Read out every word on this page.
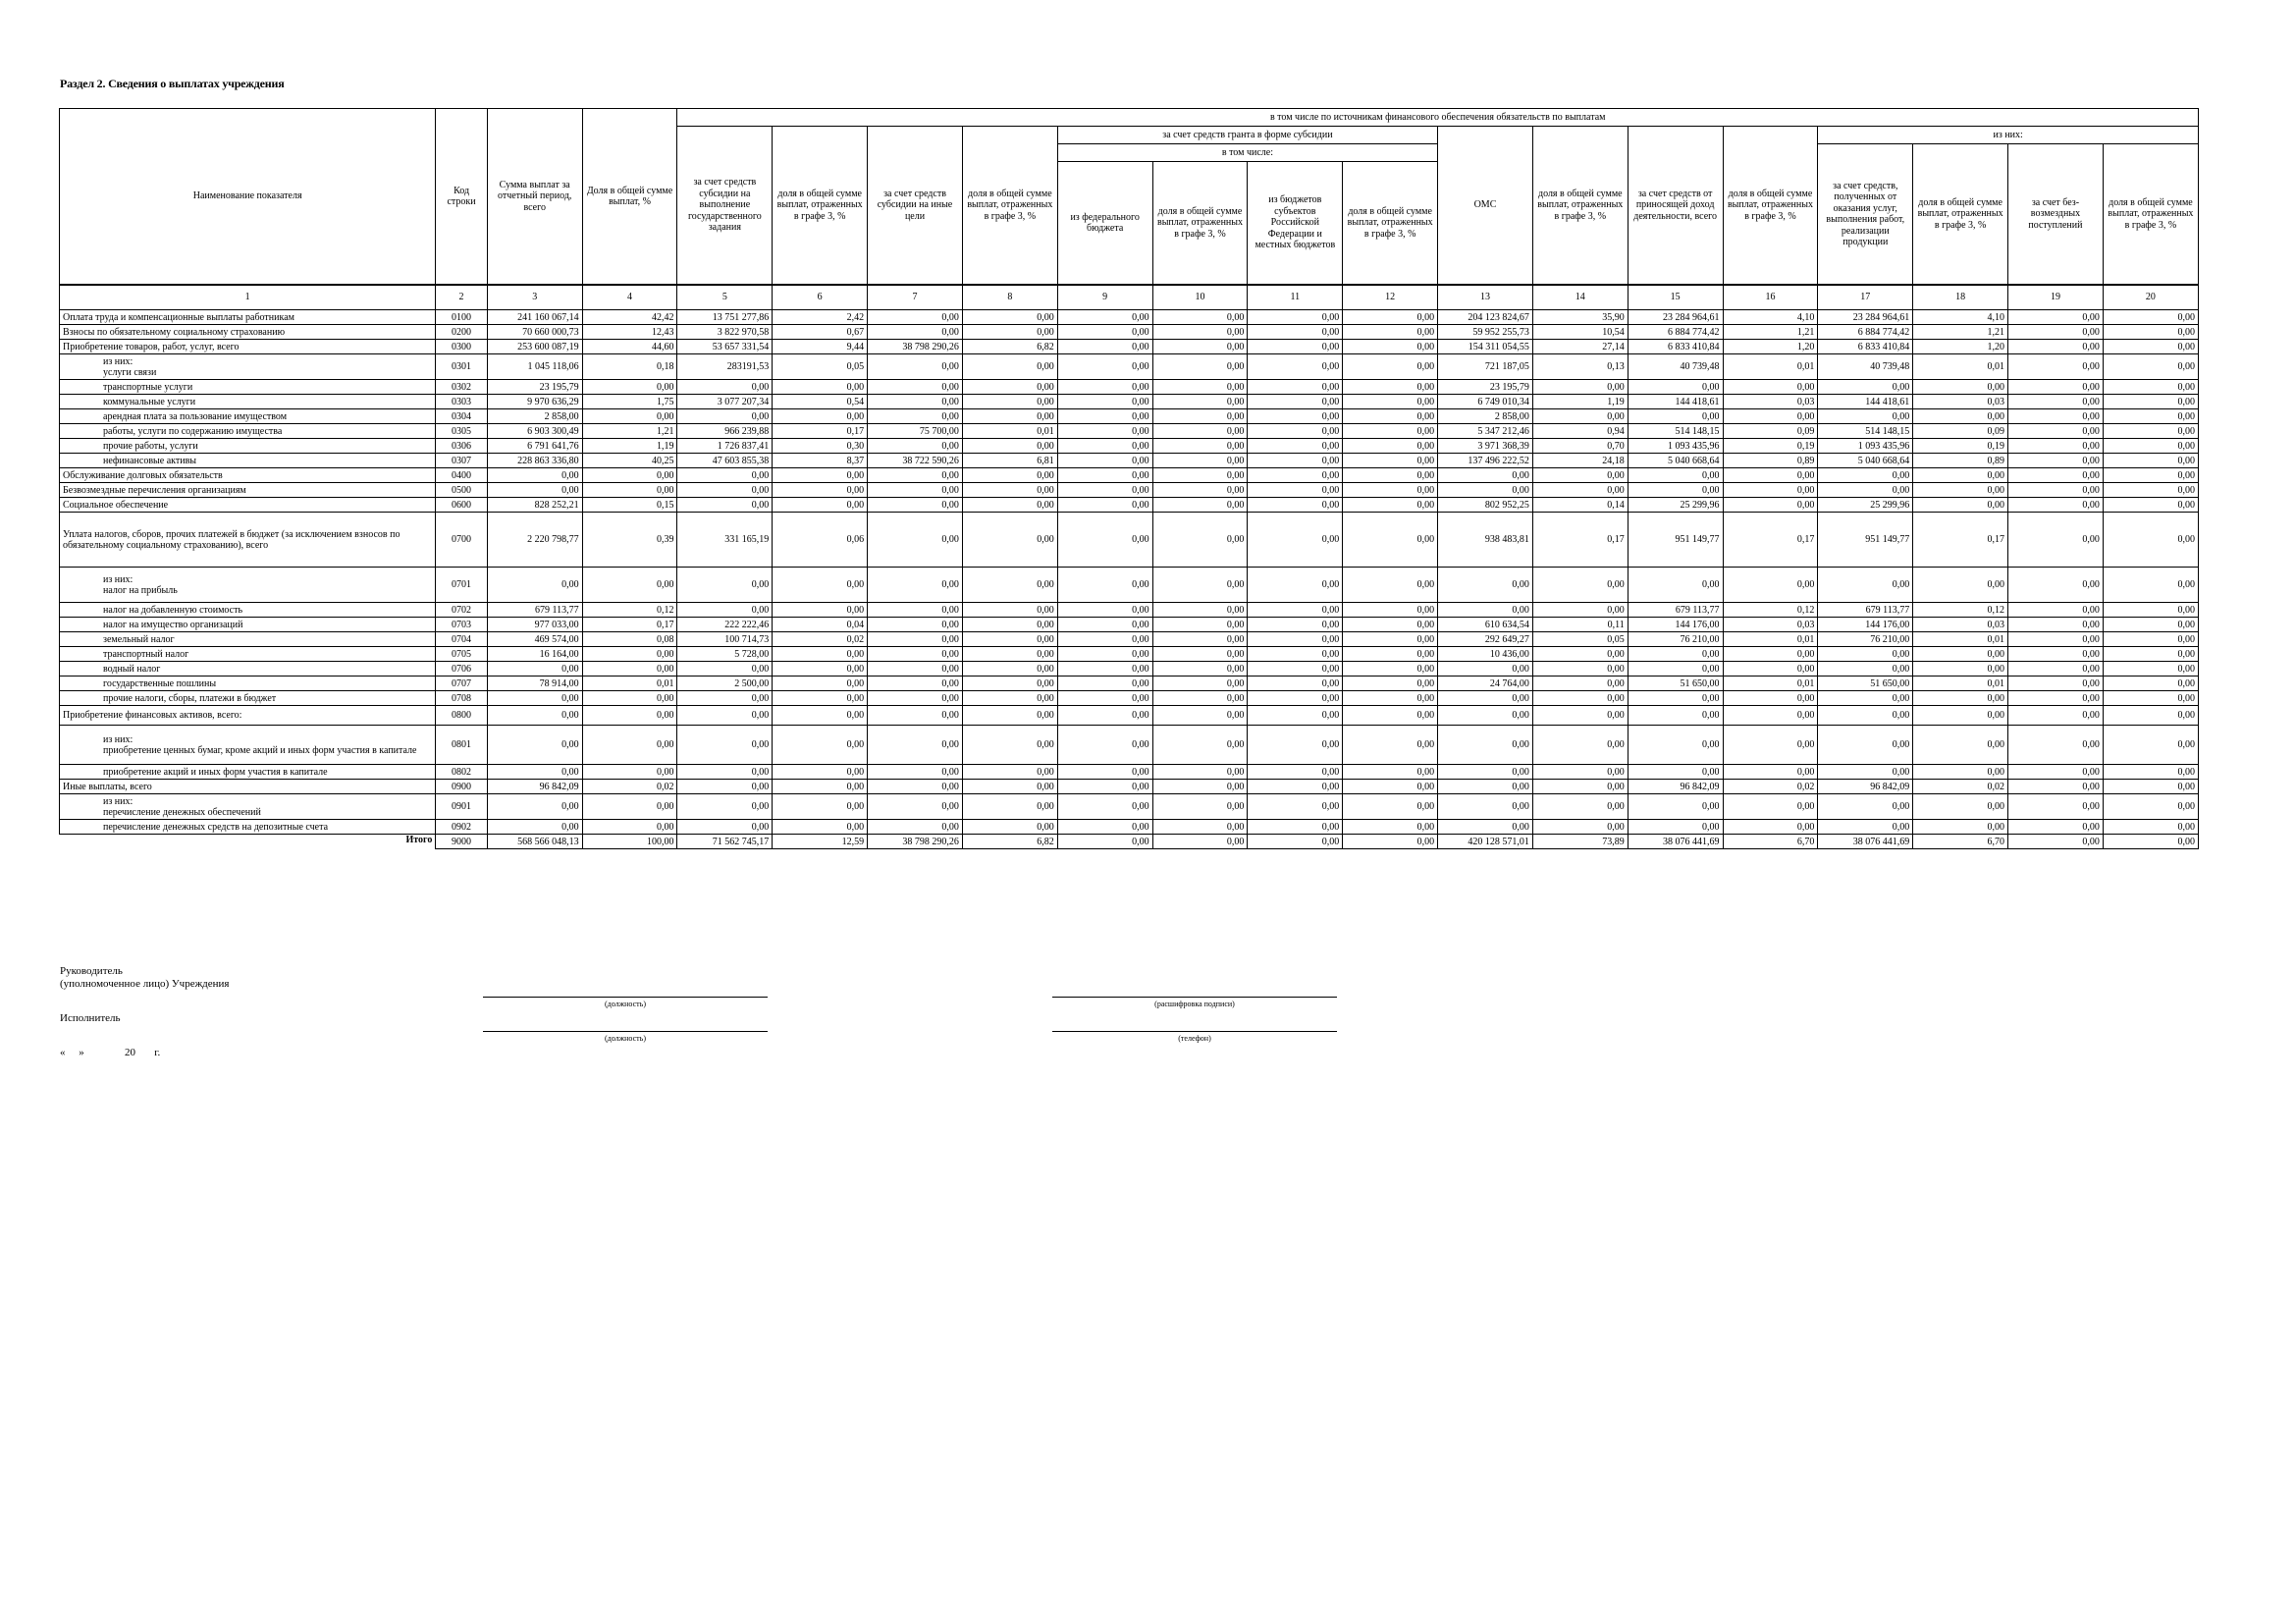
Раздел 2. Сведения о выплатах учреждения
Наименование показателя	Код строки	Сумма выплат за отчетный период, всего	Доля в общей сумме выплат, %	в том числе по источникам финансового обеспечения обязательств по выплатам															
				за счет средств субсидии на выполнение государственного задания	доля в общей сумме выплат, отраженных в графе 3, %	за счет средств субсидии на иные цели	доля в общей сумме выплат, отраженных в графе 3, %	за счет средств гранта в форме субсидии				ОМС	доля в общей сумме выплат, отраженных в графе 3, %	за счет средств от приносящей доход деятельности, всего	доля в общей сумме выплат, отраженных в графе 3, %	из них:			
								в том числе:								за счет средств, полученных от оказания услуг, выполнения работ, реализации продукции	доля в общей сумме выплат, отраженных в графе 3, %	за счет без-возмездных поступлений	доля в общей сумме выплат, отраженных в графе 3, %
								из федерального бюджета	доля в общей сумме выплат, отраженных в графе 3, %	из бюджетов субъектов Российской Федерации и местных бюджетов	доля в общей сумме выплат, отраженных в графе 3, %								
1	2	3	4	5	6	7	8	9	10	11	12	13	14	15	16	17	18	19	20
Оплата труда и компенсационные выплаты работникам	0100	241 160 067,14	42,42	13 751 277,86	2,42	0,00	0,00	0,00	0,00	0,00	0,00	204 123 824,67	35,90	23 284 964,61	4,10	23 284 964,61	4,10	0,00	0,00
Взносы по обязательному социальному страхованию	0200	70 660 000,73	12,43	3 822 970,58	0,67	0,00	0,00	0,00	0,00	0,00	0,00	59 952 255,73	10,54	6 884 774,42	1,21	6 884 774,42	1,21	0,00	0,00
Приобретение товаров, работ, услуг, всего	0300	253 600 087,19	44,60	53 657 331,54	9,44	38 798 290,26	6,82	0,00	0,00	0,00	0,00	154 311 054,55	27,14	6 833 410,84	1,20	6 833 410,84	1,20	0,00	0,00
из них:
услуги связи	0301	1 045 118,06	0,18	283191,53	0,05	0,00	0,00	0,00	0,00	0,00	0,00	721 187,05	0,13	40 739,48	0,01	40 739,48	0,01	0,00	0,00
транспортные услуги	0302	23 195,79	0,00	0,00	0,00	0,00	0,00	0,00	0,00	0,00	0,00	23 195,79	0,00	0,00	0,00	0,00	0,00	0,00	0,00
коммунальные услуги	0303	9 970 636,29	1,75	3 077 207,34	0,54	0,00	0,00	0,00	0,00	0,00	0,00	6 749 010,34	1,19	144 418,61	0,03	144 418,61	0,03	0,00	0,00
арендная плата за пользование имуществом	0304	2 858,00	0,00	0,00	0,00	0,00	0,00	0,00	0,00	0,00	0,00	2 858,00	0,00	0,00	0,00	0,00	0,00	0,00	0,00
работы, услуги по содержанию имущества	0305	6 903 300,49	1,21	966 239,88	0,17	75 700,00	0,01	0,00	0,00	0,00	0,00	5 347 212,46	0,94	514 148,15	0,09	514 148,15	0,09	0,00	0,00
прочие работы, услуги	0306	6 791 641,76	1,19	1 726 837,41	0,30	0,00	0,00	0,00	0,00	0,00	0,00	3 971 368,39	0,70	1 093 435,96	0,19	1 093 435,96	0,19	0,00	0,00
нефинансовые активы	0307	228 863 336,80	40,25	47 603 855,38	8,37	38 722 590,26	6,81	0,00	0,00	0,00	0,00	137 496 222,52	24,18	5 040 668,64	0,89	5 040 668,64	0,89	0,00	0,00
Обслуживание долговых обязательств	0400	0,00	0,00	0,00	0,00	0,00	0,00	0,00	0,00	0,00	0,00	0,00	0,00	0,00	0,00	0,00	0,00	0,00	0,00
Безвозмездные перечисления организациям	0500	0,00	0,00	0,00	0,00	0,00	0,00	0,00	0,00	0,00	0,00	0,00	0,00	0,00	0,00	0,00	0,00	0,00	0,00
Социальное обеспечение	0600	828 252,21	0,15	0,00	0,00	0,00	0,00	0,00	0,00	0,00	0,00	802 952,25	0,14	25 299,96	0,00	25 299,96	0,00	0,00	0,00
Уплата налогов, сборов, прочих платежей в бюджет (за исключением взносов по обязательному социальному страхованию), всего	0700	2 220 798,77	0,39	331 165,19	0,06	0,00	0,00	0,00	0,00	0,00	0,00	938 483,81	0,17	951 149,77	0,17	951 149,77	0,17	0,00	0,00
из них:
налог на прибыль	0701	0,00	0,00	0,00	0,00	0,00	0,00	0,00	0,00	0,00	0,00	0,00	0,00	0,00	0,00	0,00	0,00	0,00	0,00
налог на добавленную стоимость	0702	679 113,77	0,12	0,00	0,00	0,00	0,00	0,00	0,00	0,00	0,00	0,00	0,00	679 113,77	0,12	679 113,77	0,12	0,00	0,00
налог на имущество организаций	0703	977 033,00	0,17	222 222,46	0,04	0,00	0,00	0,00	0,00	0,00	0,00	610 634,54	0,11	144 176,00	0,03	144 176,00	0,03	0,00	0,00
земельный налог	0704	469 574,00	0,08	100 714,73	0,02	0,00	0,00	0,00	0,00	0,00	0,00	292 649,27	0,05	76 210,00	0,01	76 210,00	0,01	0,00	0,00
транспортный налог	0705	16 164,00	0,00	5 728,00	0,00	0,00	0,00	0,00	0,00	0,00	0,00	10 436,00	0,00	0,00	0,00	0,00	0,00	0,00	0,00
водный налог	0706	0,00	0,00	0,00	0,00	0,00	0,00	0,00	0,00	0,00	0,00	0,00	0,00	0,00	0,00	0,00	0,00	0,00	0,00
государственные пошлины	0707	78 914,00	0,01	2 500,00	0,00	0,00	0,00	0,00	0,00	0,00	0,00	24 764,00	0,00	51 650,00	0,01	51 650,00	0,01	0,00	0,00
прочие налоги, сборы, платежи в бюджет	0708	0,00	0,00	0,00	0,00	0,00	0,00	0,00	0,00	0,00	0,00	0,00	0,00	0,00	0,00	0,00	0,00	0,00	0,00
Приобретение финансовых активов, всего:	0800	0,00	0,00	0,00	0,00	0,00	0,00	0,00	0,00	0,00	0,00	0,00	0,00	0,00	0,00	0,00	0,00	0,00	0,00
из них:
приобретение ценных бумаг, кроме акций и иных форм участия в капитале	0801	0,00	0,00	0,00	0,00	0,00	0,00	0,00	0,00	0,00	0,00	0,00	0,00	0,00	0,00	0,00	0,00	0,00	0,00
приобретение акций и иных форм участия в капитале	0802	0,00	0,00	0,00	0,00	0,00	0,00	0,00	0,00	0,00	0,00	0,00	0,00	0,00	0,00	0,00	0,00	0,00	0,00
Иные выплаты, всего	0900	96 842,09	0,02	0,00	0,00	0,00	0,00	0,00	0,00	0,00	0,00	0,00	0,00	96 842,09	0,02	96 842,09	0,02	0,00	0,00
из них:
перечисление денежных обеспечений	0901	0,00	0,00	0,00	0,00	0,00	0,00	0,00	0,00	0,00	0,00	0,00	0,00	0,00	0,00	0,00	0,00	0,00	0,00
перечисление денежных средств на депозитные счета	0902	0,00	0,00	0,00	0,00	0,00	0,00	0,00	0,00	0,00	0,00	0,00	0,00	0,00	0,00	0,00	0,00	0,00	0,00
Итого	9000	568 566 048,13	100,00	71 562 745,17	12,59	38 798 290,26	6,82	0,00	0,00	0,00	0,00	420 128 571,01	73,89	38 076 441,69	6,70	38 076 441,69	6,70	0,00	0,00
Руководитель
(уполномоченное лицо) Учреждения
(должность)	(расшифровка подписи)
Исполнитель
(должность)	(телефон)
«     »               20       г.
